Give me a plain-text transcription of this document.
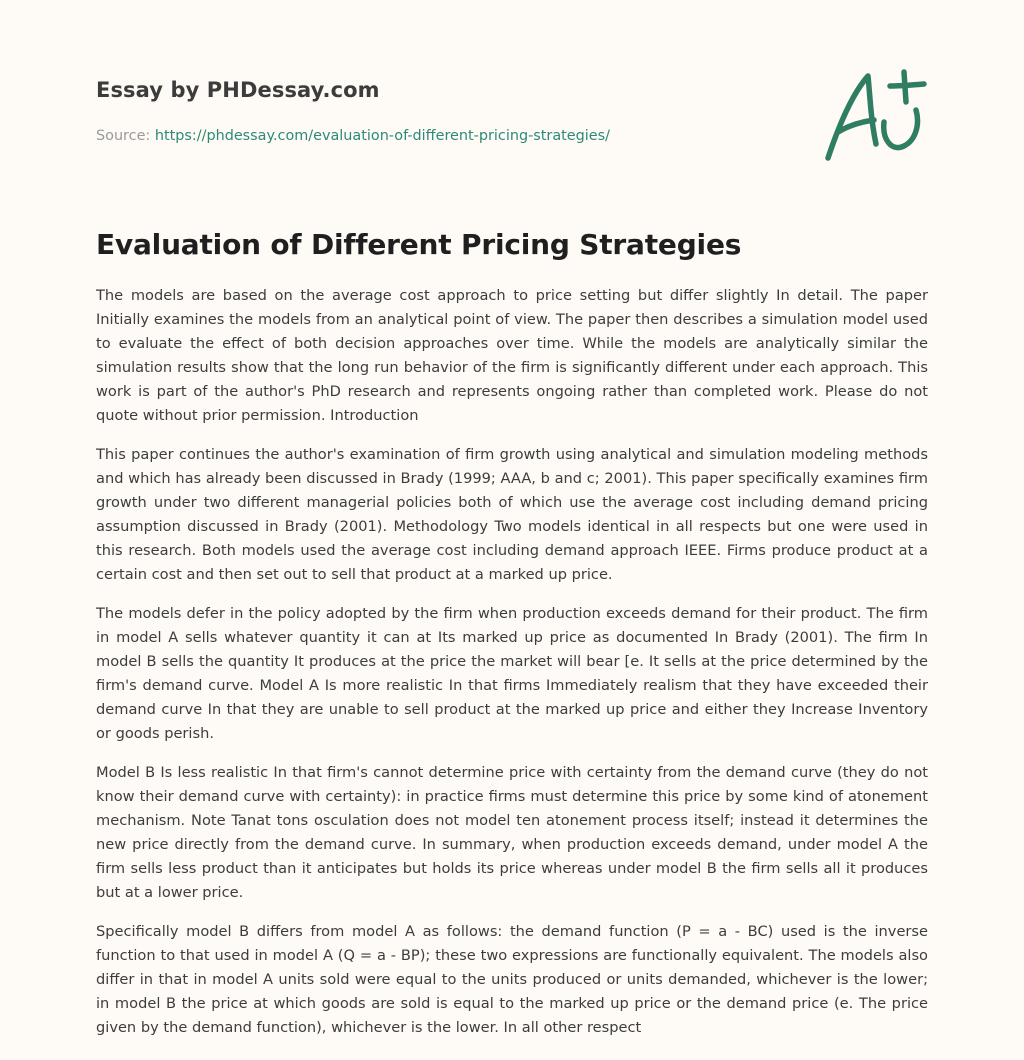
Essay by PHDessay.com
Source: https://phdessay.com/evaluation-of-different-pricing-strategies/
Evaluation of Different Pricing Strategies

The models are based on the average cost approach to price setting but differ slightly In detail. The paper Initially examines the models from an analytical point of view. The paper then describes a simulation model used to evaluate the effect of both decision approaches over time. While the models are analytically similar the simulation results show that the long run behavior of the firm is significantly different under each approach. This work is part of the author's PhD research and represents ongoing rather than completed work. Please do not quote without prior permission. Introduction

This paper continues the author's examination of firm growth using analytical and simulation modeling methods and which has already been discussed in Brady (1999; AAA, b and c; 2001). This paper specifically examines firm growth under two different managerial policies both of which use the average cost including demand pricing assumption discussed in Brady (2001). Methodology Two models identical in all respects but one were used in this research. Both models used the average cost including demand approach IEEE. Firms produce product at a certain cost and then set out to sell that product at a marked up price.

The models defer in the policy adopted by the firm when production exceeds demand for their product. The firm in model A sells whatever quantity it can at Its marked up price as documented In Brady (2001). The firm In model B sells the quantity It produces at the price the market will bear [e. It sells at the price determined by the firm's demand curve. Model A Is more realistic In that firms Immediately realism that they have exceeded their demand curve In that they are unable to sell product at the marked up price and either they Increase Inventory or goods perish.

Model B Is less realistic In that firm's cannot determine price with certainty from the demand curve (they do not know their demand curve with certainty): in practice firms must determine this price by some kind of atonement mechanism. Note Tanat tons osculation does not model ten atonement process itself; instead it determines the new price directly from the demand curve. In summary, when production exceeds demand, under model A the firm sells less product than it anticipates but holds its price whereas under model B the firm sells all it produces but at a lower price.

Specifically model B differs from model A as follows: the demand function (P = a - BC) used is the inverse function to that used in model A (Q = a - BP); these two expressions are functionally equivalent. The models also differ in that in model A units sold were equal to the units produced or units demanded, whichever is the lower; in model B the price at which goods are sold is equal to the marked up price or the demand price (e. The price given by the demand function), whichever is the lower. In all other respect
